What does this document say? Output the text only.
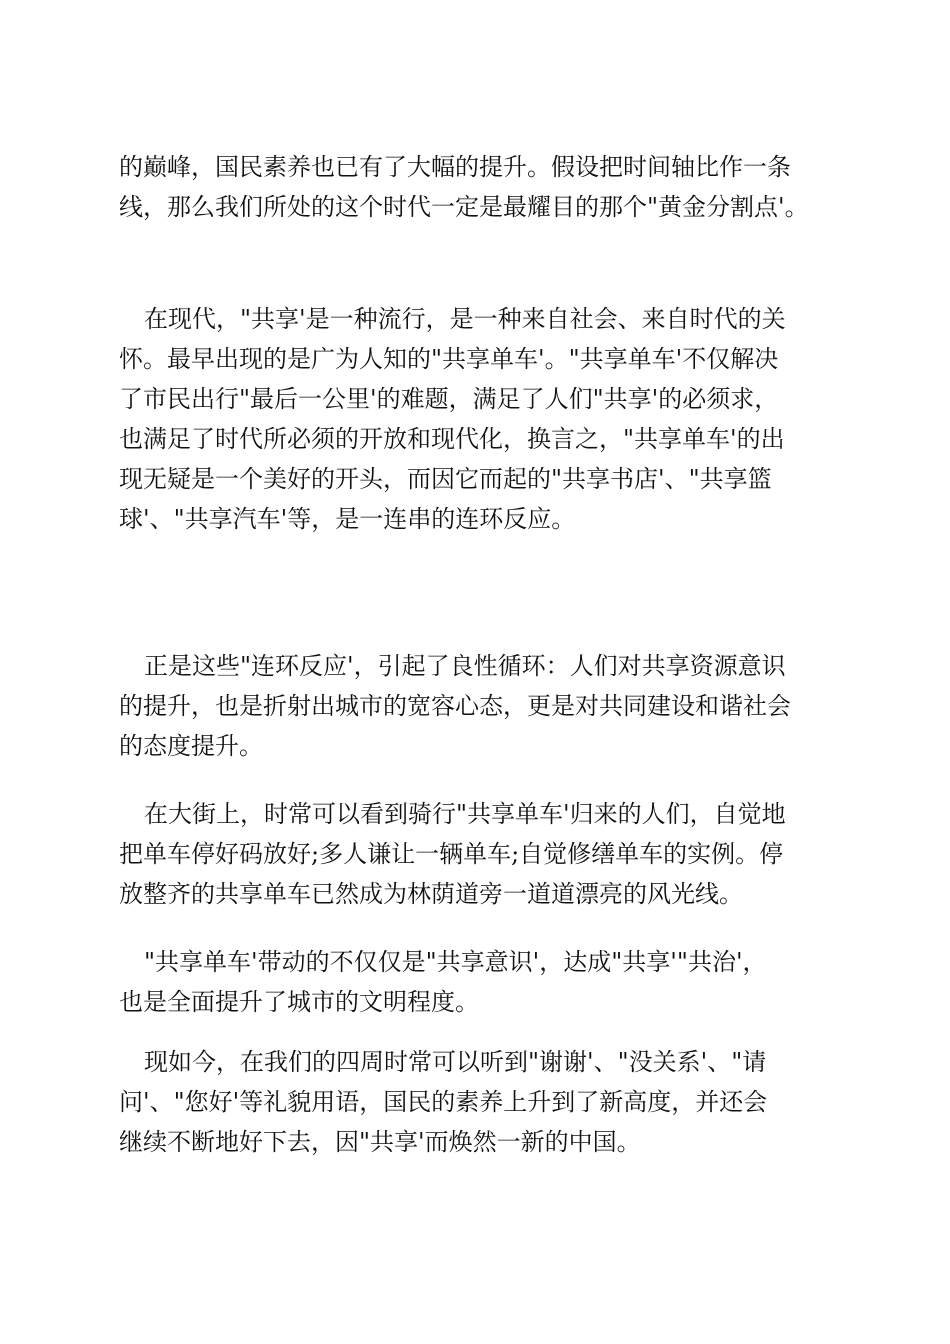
的巅峰，国民素养也已有了大幅的提升。假设把时间轴比作一条
线，那么我们所处的这个时代一定是最耀目的那个"黄金分割点'。
在现代，"共享'是一种流行，是一种来自社会、来自时代的关
怀。最早出现的是广为人知的"共享单车'。"共享单车'不仅解决
了市民出行"最后一公里'的难题，满足了人们"共享'的必须求，
也满足了时代所必须的开放和现代化，换言之，"共享单车'的出
现无疑是一个美好的开头，而因它而起的"共享书店'、"共享篮
球'、"共享汽车'等，是一连串的连环反应。
正是这些"连环反应'，引起了良性循环：人们对共享资源意识
的提升，也是折射出城市的宽容心态，更是对共同建设和谐社会
的态度提升。
在大街上，时常可以看到骑行"共享单车'归来的人们，自觉地
把单车停好码放好;多人谦让一辆单车;自觉修缮单车的实例。停
放整齐的共享单车已然成为林荫道旁一道道漂亮的风光线。
"共享单车'带动的不仅仅是"共享意识'，达成"共享'"共治'，
也是全面提升了城市的文明程度。
现如今，在我们的四周时常可以听到"谢谢'、"没关系'、"请
问'、"您好'等礼貌用语，国民的素养上升到了新高度，并还会
继续不断地好下去，因"共享'而焕然一新的中国。
